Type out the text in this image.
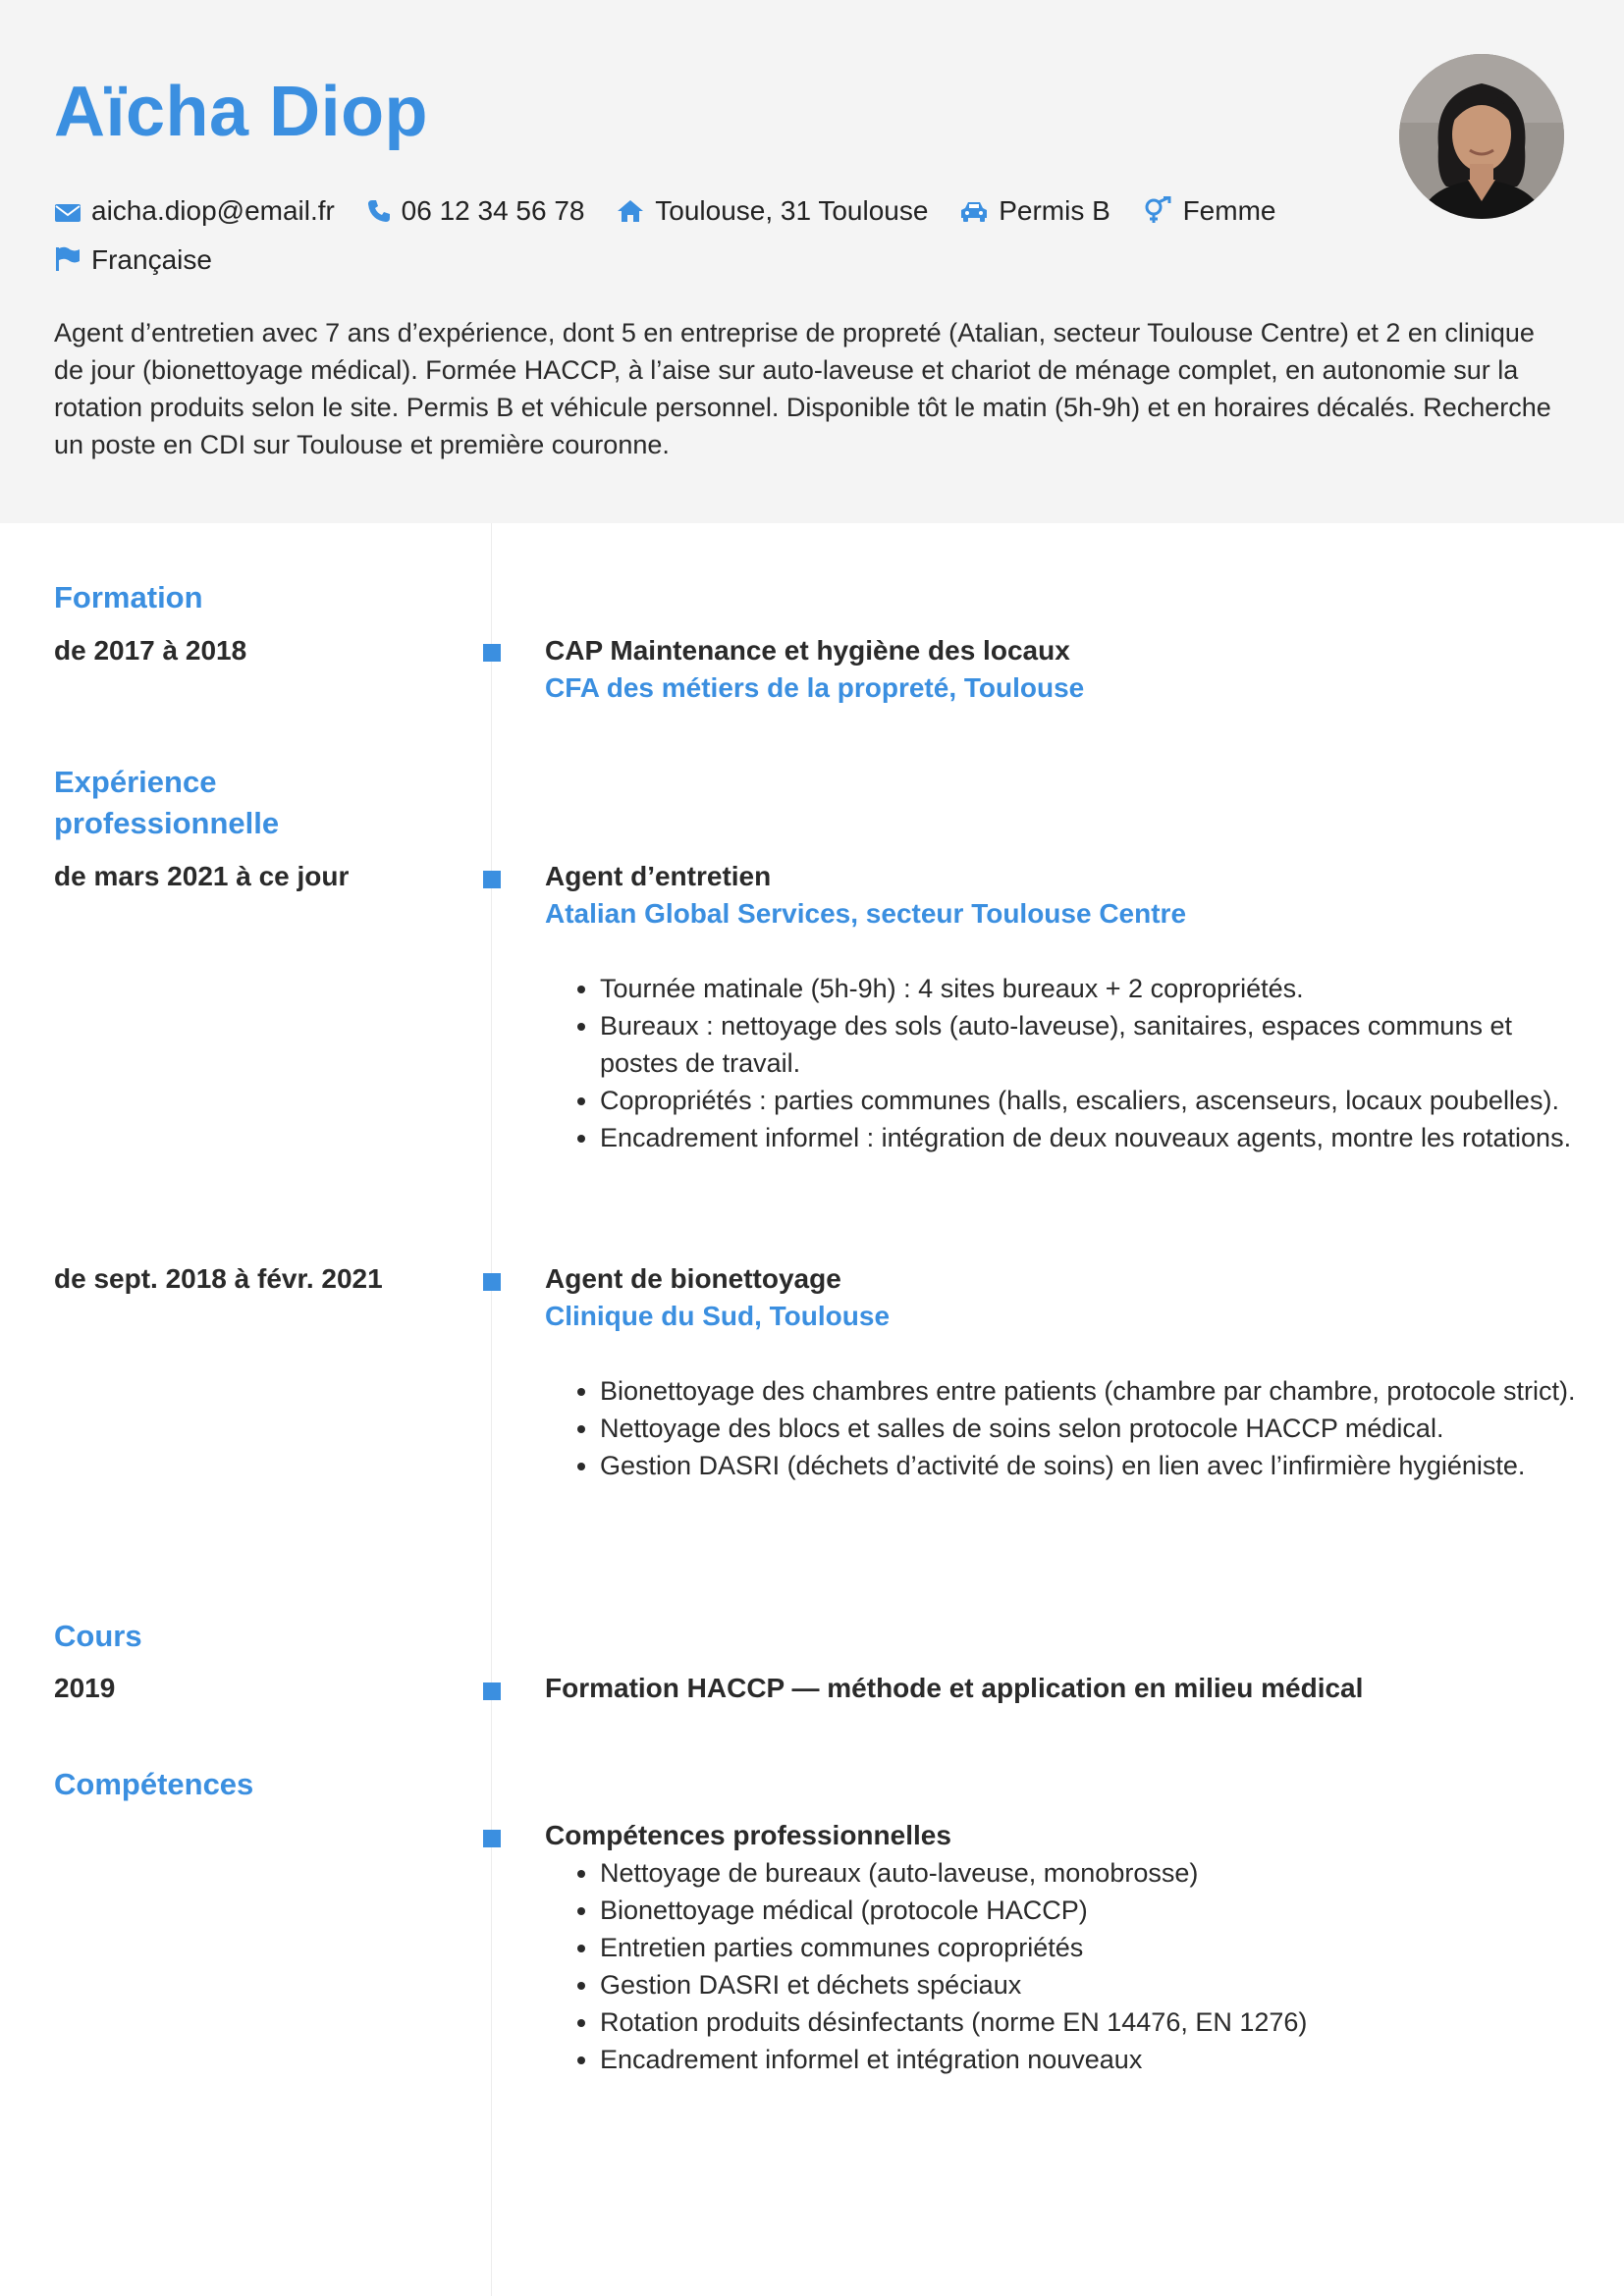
Aïcha Diop
aicha.diop@email.fr 06 12 34 56 78	Toulouse, 31 Toulouse	Permis B	Femme Française
Agent d’entretien avec 7 ans d’expérience, dont 5 en entreprise de propreté (Atalian, secteur Toulouse Centre) et 2 en clinique de jour (bionettoyage médical). Formée HACCP, à l’aise sur auto-laveuse et chariot de ménage complet, en autonomie sur la rotation produits selon le site. Permis B et véhicule personnel. Disponible tôt le matin (5h-9h) et en horaires décalés. Recherche un poste en CDI sur Toulouse et première couronne.
Formation
de 2017 à 2018	CAP Maintenance et hygiène des locaux
CFA des métiers de la propreté, Toulouse
Expérience
professionnelle
de mars 2021 à ce jour	Agent d’entretien
Atalian Global Services, secteur Toulouse Centre
• Tournée matinale (5h-9h) : 4 sites bureaux + 2 copropriétés.
• Bureaux : nettoyage des sols (auto-laveuse), sanitaires, espaces communs et postes de travail.
• Copropriétés : parties communes (halls, escaliers, ascenseurs, locaux poubelles).
• Encadrement informel : intégration de deux nouveaux agents, montre les rotations.
de sept. 2018 à févr. 2021	Agent de bionettoyage
Clinique du Sud, Toulouse
• Bionettoyage des chambres entre patients (chambre par chambre, protocole strict).
• Nettoyage des blocs et salles de soins selon protocole HACCP médical.
• Gestion DASRI (déchets d’activité de soins) en lien avec l’infirmière hygiéniste.
Cours
2019	Formation HACCP — méthode et application en milieu médical
Compétences
Compétences professionnelles
• Nettoyage de bureaux (auto-laveuse, monobrosse)
• Bionettoyage médical (protocole HACCP)
• Entretien parties communes copropriétés
• Gestion DASRI et déchets spéciaux
• Rotation produits désinfectants (norme EN 14476, EN 1276)
• Encadrement informel et intégration nouveaux
